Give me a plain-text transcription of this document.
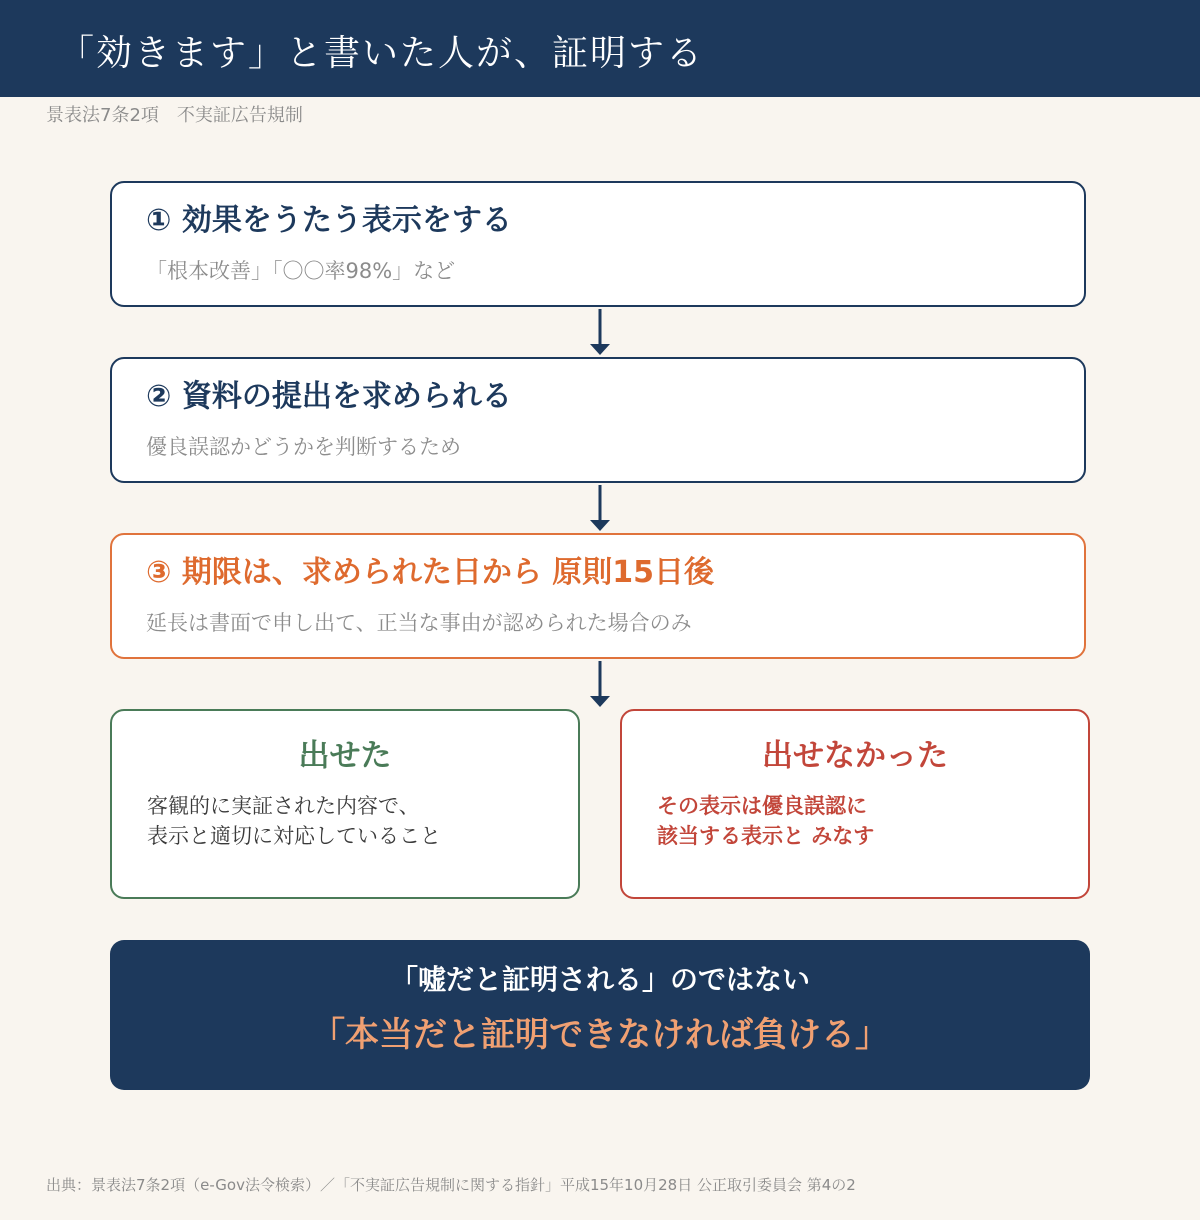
「効きます」と書いた人が、証明する
景表法7条2項　不実証広告規制
① 効果をうたう表示をする
「根本改善」「〇〇率98%」など
② 資料の提出を求められる
優良誤認かどうかを判断するため
③ 期限は、求められた日から 原則15日後
延長は書面で申し出て、正当な事由が認められた場合のみ
出せた
客観的に実証された内容で、
表示と適切に対応していること
出せなかった
その表示は優良誤認に
該当する表示と みなす
「嘘だと証明される」のではない
「本当だと証明できなければ負ける」
出典：景表法7条2項（e-Gov法令検索）／「不実証広告規制に関する指針」平成15年10月28日 公正取引委員会 第4の2
